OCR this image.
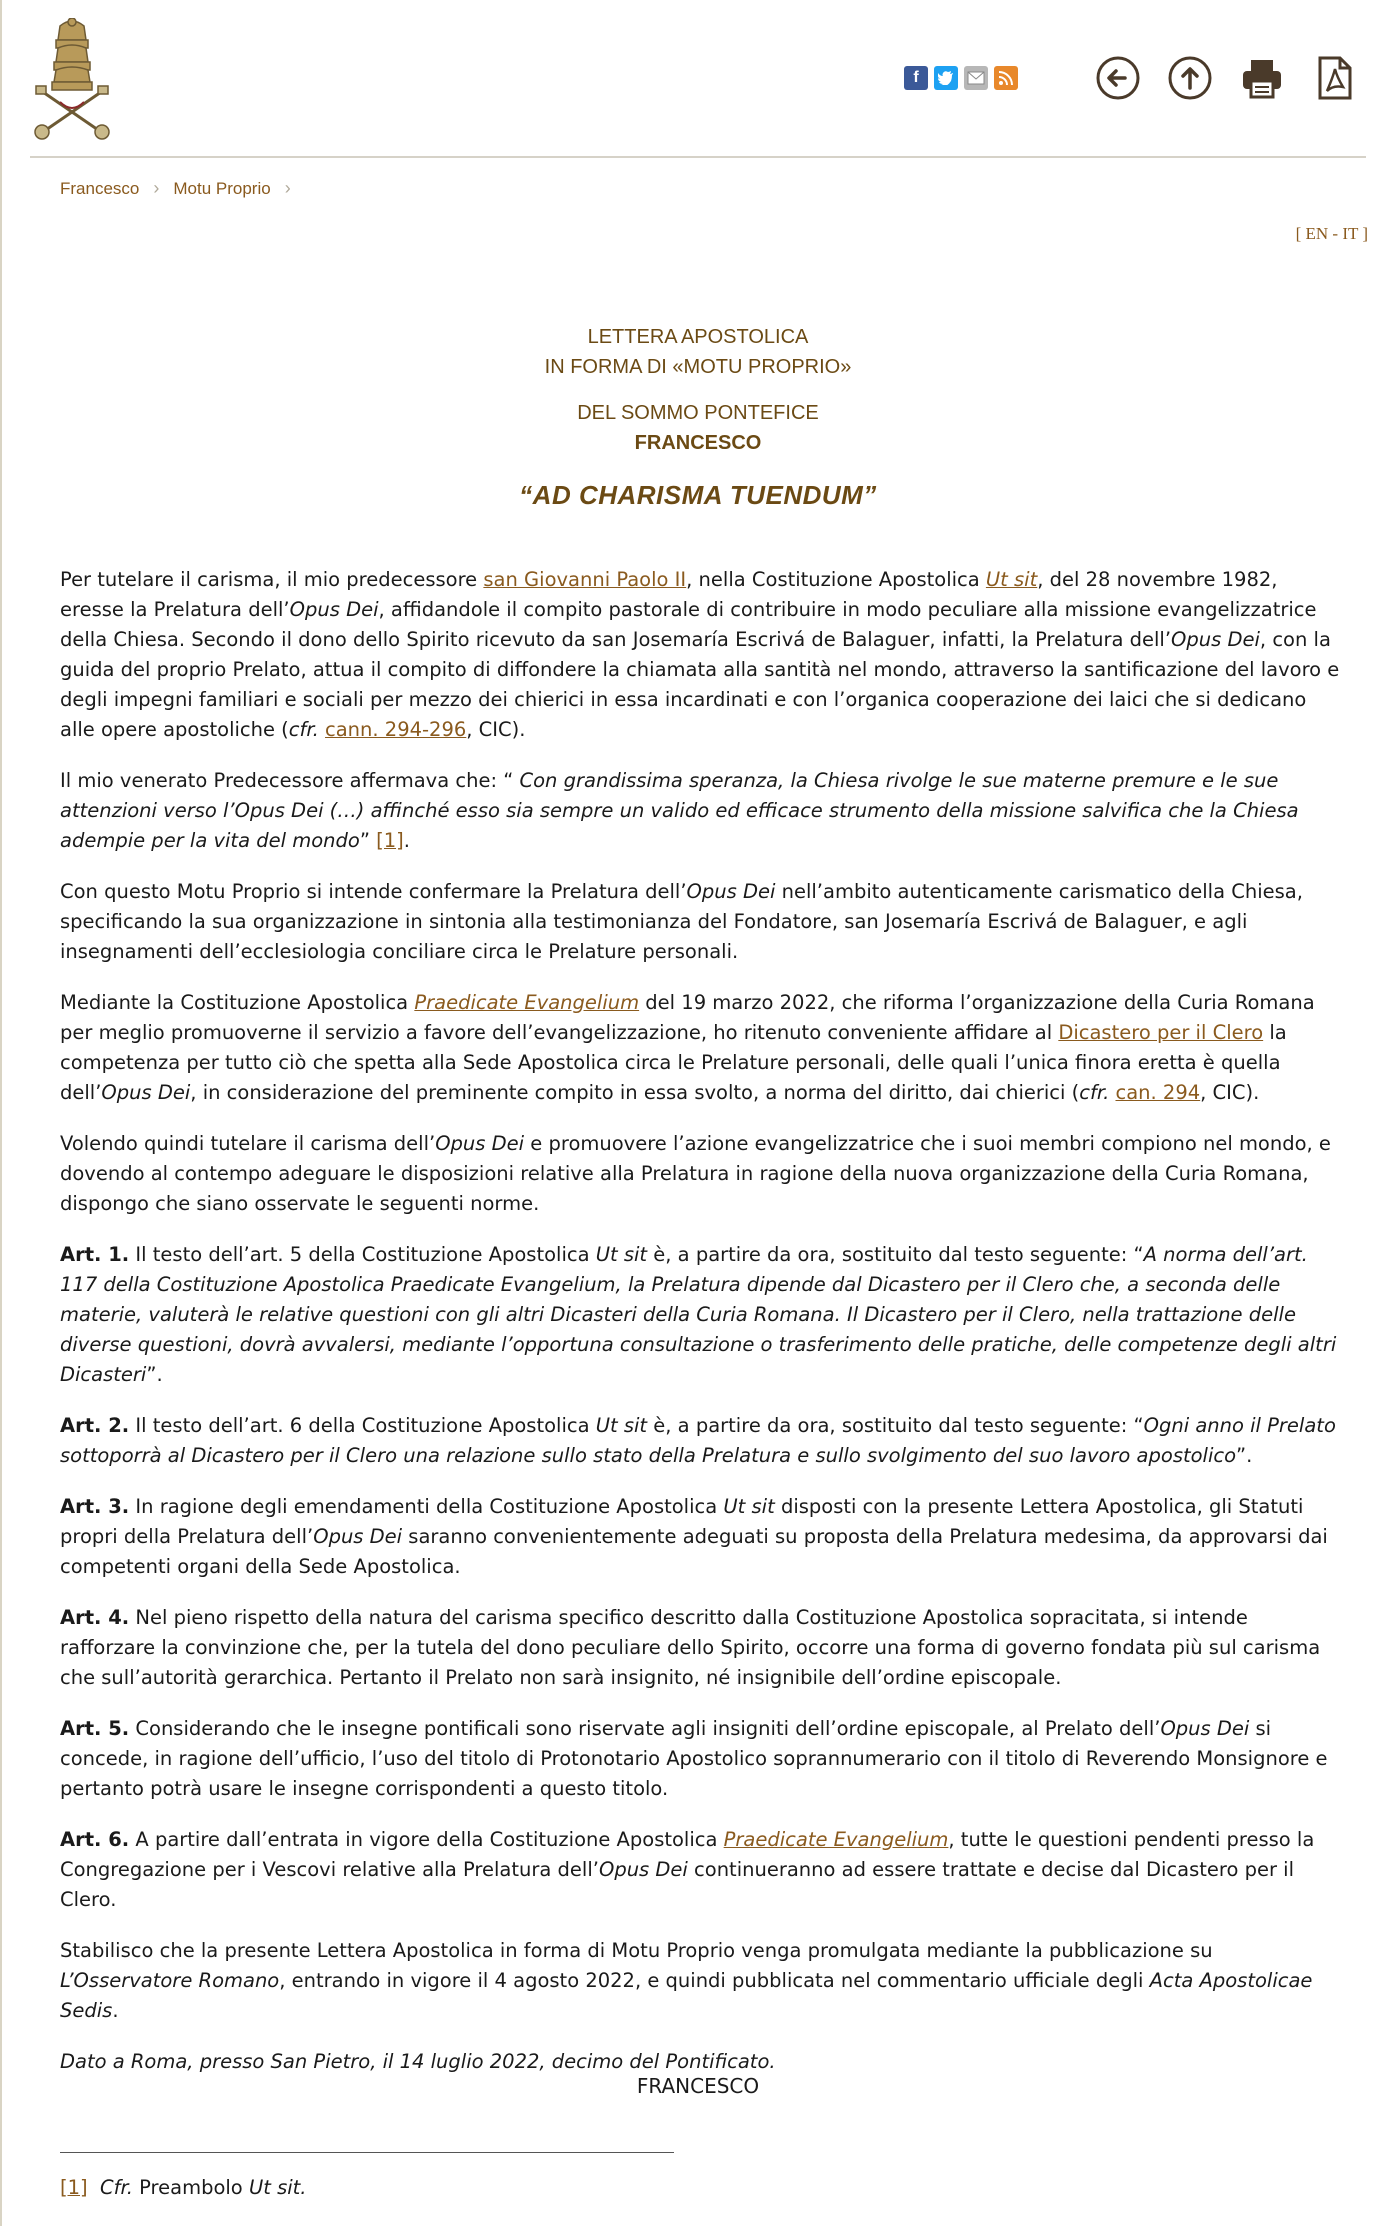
f
Francesco › Motu Proprio ›
[ EN - IT ]
LETTERA APOSTOLICA
IN FORMA DI «MOTU PROPRIO»
DEL SOMMO PONTEFICE
FRANCESCO
“AD CHARISMA TUENDUM”

Per tutelare il carisma, il mio predecessore san Giovanni Paolo II, nella Costituzione Apostolica Ut sit, del 28 novembre 1982, eresse la Prelatura dell’Opus Dei, affidandole il compito pastorale di contribuire in modo peculiare alla missione evangelizzatrice della Chiesa. Secondo il dono dello Spirito ricevuto da san Josemaría Escrivá de Balaguer, infatti, la Prelatura dell’Opus Dei, con la guida del proprio Prelato, attua il compito di diffondere la chiamata alla santità nel mondo, attraverso la santificazione del lavoro e degli impegni familiari e sociali per mezzo dei chierici in essa incardinati e con l’organica cooperazione dei laici che si dedicano alle opere apostoliche (cfr. cann. 294-296, CIC).

Il mio venerato Predecessore affermava che: “ Con grandissima speranza, la Chiesa rivolge le sue materne premure e le sue attenzioni verso l’Opus Dei (…) affinché esso sia sempre un valido ed efficace strumento della missione salvifica che la Chiesa adempie per la vita del mondo” [1].

Con questo Motu Proprio si intende confermare la Prelatura dell’Opus Dei nell’ambito autenticamente carismatico della Chiesa, specificando la sua organizzazione in sintonia alla testimonianza del Fondatore, san Josemaría Escrivá de Balaguer, e agli insegnamenti dell’ecclesiologia conciliare circa le Prelature personali.

Mediante la Costituzione Apostolica Praedicate Evangelium del 19 marzo 2022, che riforma l’organizzazione della Curia Romana per meglio promuoverne il servizio a favore dell’evangelizzazione, ho ritenuto conveniente affidare al Dicastero per il Clero la competenza per tutto ciò che spetta alla Sede Apostolica circa le Prelature personali, delle quali l’unica finora eretta è quella dell’Opus Dei, in considerazione del preminente compito in essa svolto, a norma del diritto, dai chierici (cfr. can. 294, CIC).

Volendo quindi tutelare il carisma dell’Opus Dei e promuovere l’azione evangelizzatrice che i suoi membri compiono nel mondo, e dovendo al contempo adeguare le disposizioni relative alla Prelatura in ragione della nuova organizzazione della Curia Romana, dispongo che siano osservate le seguenti norme.

Art. 1. Il testo dell’art. 5 della Costituzione Apostolica Ut sit è, a partire da ora, sostituito dal testo seguente: “A norma dell’art. 117 della Costituzione Apostolica Praedicate Evangelium, la Prelatura dipende dal Dicastero per il Clero che, a seconda delle materie, valuterà le relative questioni con gli altri Dicasteri della Curia Romana. Il Dicastero per il Clero, nella trattazione delle diverse questioni, dovrà avvalersi, mediante l’opportuna consultazione o trasferimento delle pratiche, delle competenze degli altri Dicasteri”.

Art. 2. Il testo dell’art. 6 della Costituzione Apostolica Ut sit è, a partire da ora, sostituito dal testo seguente: “Ogni anno il Prelato sottoporrà al Dicastero per il Clero una relazione sullo stato della Prelatura e sullo svolgimento del suo lavoro apostolico”.

Art. 3. In ragione degli emendamenti della Costituzione Apostolica Ut sit disposti con la presente Lettera Apostolica, gli Statuti propri della Prelatura dell’Opus Dei saranno convenientemente adeguati su proposta della Prelatura medesima, da approvarsi dai competenti organi della Sede Apostolica.

Art. 4. Nel pieno rispetto della natura del carisma specifico descritto dalla Costituzione Apostolica sopracitata, si intende rafforzare la convinzione che, per la tutela del dono peculiare dello Spirito, occorre una forma di governo fondata più sul carisma che sull’autorità gerarchica. Pertanto il Prelato non sarà insignito, né insignibile dell’ordine episcopale.

Art. 5. Considerando che le insegne pontificali sono riservate agli insigniti dell’ordine episcopale, al Prelato dell’Opus Dei si concede, in ragione dell’ufficio, l’uso del titolo di Protonotario Apostolico soprannumerario con il titolo di Reverendo Monsignore e pertanto potrà usare le insegne corrispondenti a questo titolo.

Art. 6. A partire dall’entrata in vigore della Costituzione Apostolica Praedicate Evangelium, tutte le questioni pendenti presso la Congregazione per i Vescovi relative alla Prelatura dell’Opus Dei continueranno ad essere trattate e decise dal Dicastero per il Clero.

Stabilisco che la presente Lettera Apostolica in forma di Motu Proprio venga promulgata mediante la pubblicazione su L’Osservatore Romano, entrando in vigore il 4 agosto 2022, e quindi pubblicata nel commentario ufficiale degli Acta Apostolicae Sedis.

Dato a Roma, presso San Pietro, il 14 luglio 2022, decimo del Pontificato.

FRANCESCO
[1] Cfr. Preambolo Ut sit.
